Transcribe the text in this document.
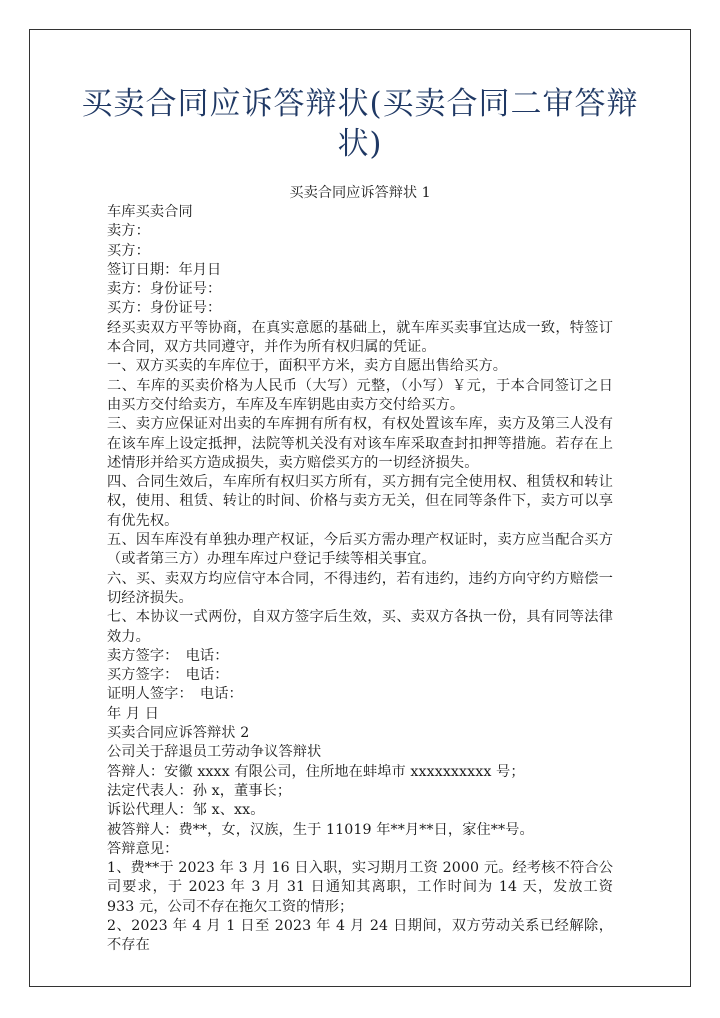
买卖合同应诉答辩状(买卖合同二审答辩状)
买卖合同应诉答辩状 1

车库买卖合同

卖方：

买方：

签订日期：年月日

卖方：身份证号：

买方：身份证号：

经买卖双方平等协商，在真实意愿的基础上，就车库买卖事宜达成一致，特签订本合同，双方共同遵守，并作为所有权归属的凭证。

一、双方买卖的车库位于，面积平方米，卖方自愿出售给买方。

二、车库的买卖价格为人民币（大写）元整，（小写）￥元，于本合同签订之日由买方交付给卖方，车库及车库钥匙由卖方交付给买方。

三、卖方应保证对出卖的车库拥有所有权，有权处置该车库，卖方及第三人没有在该车库上设定抵押，法院等机关没有对该车库采取查封扣押等措施。若存在上述情形并给买方造成损失，卖方赔偿买方的一切经济损失。

四、合同生效后，车库所有权归买方所有，买方拥有完全使用权、租赁权和转让权，使用、租赁、转让的时间、价格与卖方无关，但在同等条件下，卖方可以享有优先权。

五、因车库没有单独办理产权证，今后买方需办理产权证时，卖方应当配合买方（或者第三方）办理车库过户登记手续等相关事宜。

六、买、卖双方均应信守本合同，不得违约，若有违约，违约方向守约方赔偿一切经济损失。

七、本协议一式两份，自双方签字后生效，买、卖双方各执一份，具有同等法律效力。

卖方签字：　电话：

买方签字：　电话：

证明人签字：　电话：

年 月 日

买卖合同应诉答辩状 2

公司关于辞退员工劳动争议答辩状

答辩人：安徽 xxxx 有限公司，住所地在蚌埠市 xxxxxxxxxx 号；

法定代表人：孙 x，董事长；

诉讼代理人：邹 x、xx。

被答辩人：费**，女，汉族，生于 11019 年**月**日，家住**号。

答辩意见：

1、费**于 2023 年 3 月 16 日入职，实习期月工资 2000 元。经考核不符合公司要求，于 2023 年 3 月 31 日通知其离职，工作时间为 14 天，发放工资 933 元，公司不存在拖欠工资的情形；

2、2023 年 4 月 1 日至 2023 年 4 月 24 日期间，双方劳动关系已经解除，不存在
